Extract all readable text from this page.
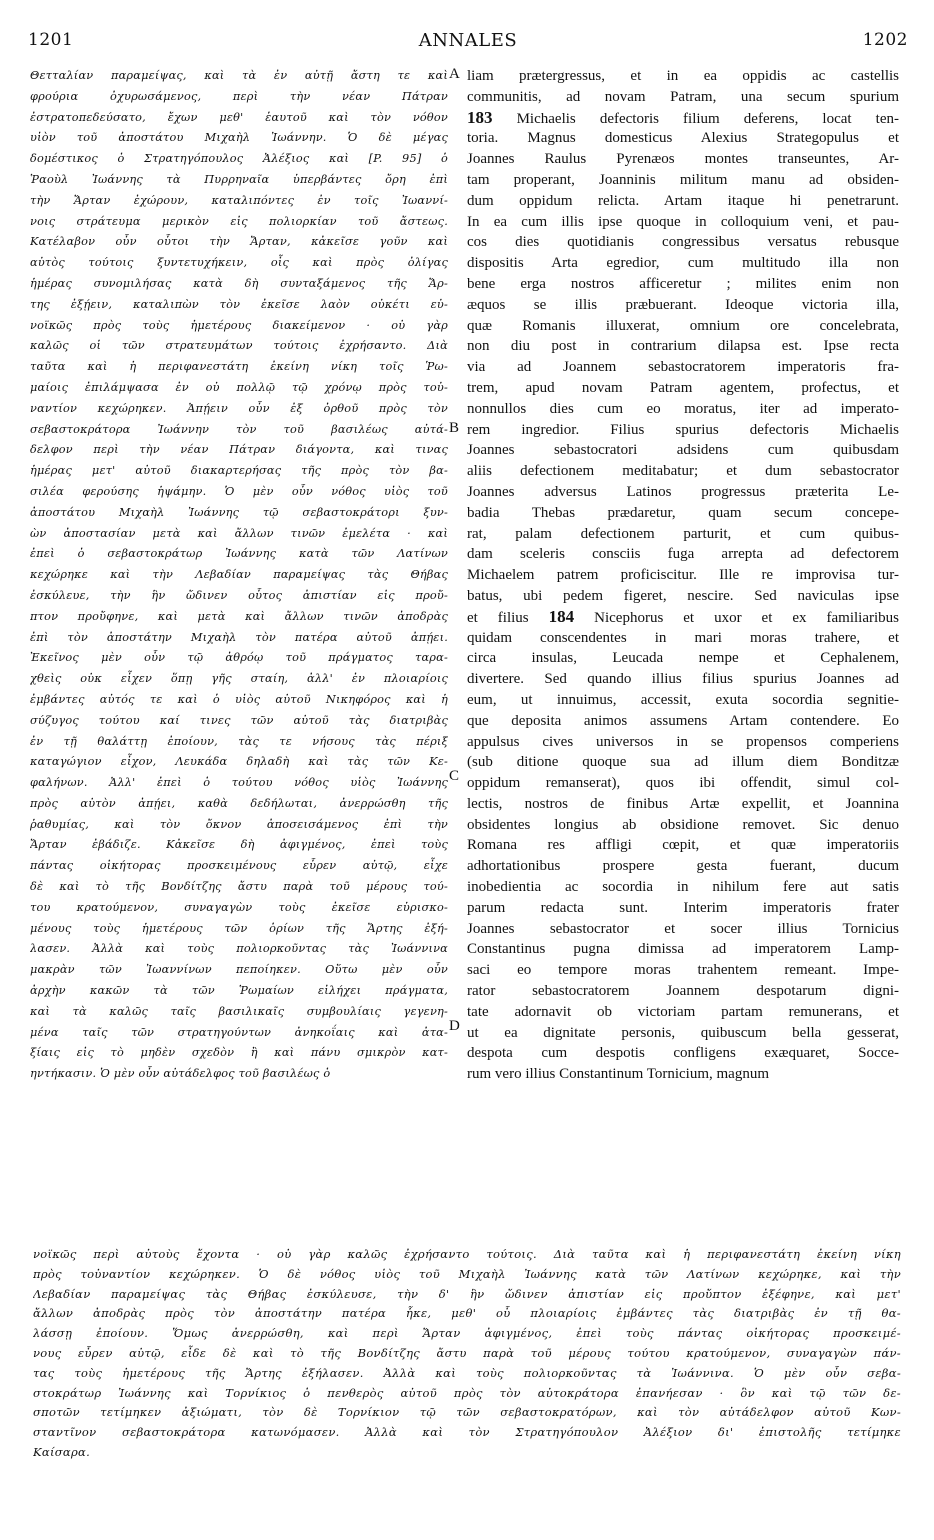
ANNALES
1201	1202
Θετταλίαν παραμείψας, καὶ τὰ ἐν αὐτῇ ἄστη τε καὶ
φρούρια ὀχυρωσάμενος, περὶ τὴν νέαν Πάτραν
ἐστρατοπεδεύσατο, ἔχων μεθ' ἑαυτοῦ καὶ τὸν νόθον
υἱὸν τοῦ ἀποστάτου Μιχαὴλ Ἰωάννην. Ὁ δὲ μέγας
δομέστικος ὁ Στρατηγόπουλος Ἀλέξιος καὶ [P. 95] ὁ
Ῥαοὺλ Ἰωάννης τὰ Πυρρηναῖα ὑπερβάντες ὄρη ἐπὶ
τὴν Ἄρταν ἐχώρουν, καταλιπόντες ἐν τοῖς Ἰωαννί-
νοις στράτευμα μερικὸν εἰς πολιορκίαν τοῦ ἄστεως.
Κατέλαβον οὖν οὗτοι τὴν Ἄρταν, κἀκεῖσε γοῦν καὶ
αὐτὸς τούτοις ξυντετυχήκειν, οἷς καὶ πρὸς ὀλίγας
ἡμέρας συνομιλήσας κατὰ δὴ συνταξάμενος τῆς Ἄρ-
της ἐξῄειν, καταλιπὼν τὸν ἐκεῖσε λαὸν οὐκέτι εὐ-
νοϊκῶς πρὸς τοὺς ἡμετέρους διακείμενον · οὐ γὰρ
καλῶς οἱ τῶν στρατευμάτων τούτοις ἐχρήσαντο. Διὰ
ταῦτα καὶ ἡ περιφανεστάτη ἐκείνη νίκη τοῖς Ῥω-
μαίοις ἐπιλάμψασα ἐν οὐ πολλῷ τῷ χρόνῳ πρὸς τοὐ-
ναντίον κεχώρηκεν. Ἀπῄειν οὖν ἐξ ὀρθοῦ πρὸς τὸν
σεβαστοκράτορα Ἰωάννην τὸν τοῦ βασιλέως αὐτά-
δελφον περὶ τὴν νέαν Πάτραν διάγοντα, καὶ τινας
ἡμέρας μετ' αὐτοῦ διακαρτερήσας τῆς πρὸς τὸν βα-
σιλέα φερούσης ἡψάμην. Ὁ μὲν οὖν νόθος υἱὸς τοῦ
ἀποστάτου Μιχαὴλ Ἰωάννης τῷ σεβαστοκράτορι ξυν-
ὼν ἀποστασίαν μετὰ καὶ ἄλλων τινῶν ἐμελέτα · καὶ
ἐπεὶ ὁ σεβαστοκράτωρ Ἰωάννης κατὰ τῶν Λατίνων
κεχώρηκε καὶ τὴν Λεβαδίαν παραμείψας τὰς Θήβας
ἐσκύλευε, τὴν ἣν ὤδινεν οὗτος ἀπιστίαν εἰς προὔ-
πτον προὔφηνε, καὶ μετὰ καὶ ἄλλων τινῶν ἀποδρὰς
ἐπὶ τὸν ἀποστάτην Μιχαὴλ τὸν πατέρα αὐτοῦ ἀπῄει.
Ἐκεῖνος μὲν οὖν τῷ ἀθρόῳ τοῦ πράγματος ταρα-
χθεὶς οὐκ εἶχεν ὅπῃ γῆς σταίη, ἀλλ' ἐν πλοιαρίοις
ἐμβάντες αὐτός τε καὶ ὁ υἱὸς αὐτοῦ Νικηφόρος καὶ ἡ
σύζυγος τούτου καί τινες τῶν αὐτοῦ τὰς διατριβὰς
ἐν τῇ θαλάττῃ ἐποίουν, τὰς τε νήσους τὰς πέριξ
καταγώγιον εἶχον, Λευκάδα δηλαδὴ καὶ τὰς τῶν Κε-
φαλήνων. Ἀλλ' ἐπεὶ ὁ τούτου νόθος υἱὸς Ἰωάννης
πρὸς αὐτὸν ἀπῄει, καθὰ δεδήλωται, ἀνερρώσθη τῆς
ῥαθυμίας, καὶ τὸν ὄκνον ἀποσεισάμενος ἐπὶ τὴν
Ἄρταν ἐβάδιζε. Κἀκεῖσε δὴ ἀφιγμένος, ἐπεὶ τοὺς
πάντας οἰκήτορας προσκειμένους εὗρεν αὐτῷ, εἶχε
δὲ καὶ τὸ τῆς Βονδίτζης ἄστυ παρὰ τοῦ μέρους τού-
του κρατούμενον, συναγαγὼν τοὺς ἐκεῖσε εὑρισκο-
μένους τοὺς ἡμετέρους τῶν ὁρίων τῆς Ἄρτης ἐξή-
λασεν. Ἀλλὰ καὶ τοὺς πολιορκοῦντας τὰς Ἰωάννινα
μακρὰν τῶν Ἰωαννίνων πεποίηκεν. Οὕτω μὲν οὖν
ἀρχὴν κακῶν τὰ τῶν Ῥωμαίων εἰλήχει πράγματα,
καὶ τὰ καλῶς ταῖς βασιλικαῖς συμβουλίαις γεγενη-
μένα ταῖς τῶν στρατηγούντων ἀνηκοΐαις καὶ ἀτα-
ξίαις εἰς τὸ μηδὲν σχεδὸν ἢ καὶ πάνυ σμικρὸν κατ-
ηντήκασιν. Ὁ μὲν οὖν αὐτάδελφος τοῦ βασιλέως ὁ
liam prætergressus, et in ea oppidis ac castellis
communitis, ad novam Patram, una secum spurium
183 Michaelis defectoris filium deferens, locat ten-
toria. Magnus domesticus Alexius Strategopulus et
Joannes Raulus Pyrenæos montes transeuntes, Ar-
tam properant, Joanninis militum manu ad obsiden-
dum oppidum relicta. Artam itaque hi penetrarunt.
In ea cum illis ipse quoque in colloquium veni, et pau-
cos dies quotidianis congressibus versatus rebusque
dispositis Arta egredior, cum multitudo illa non
bene erga nostros afficeretur ; milites enim non
æquos se illis præbuerant. Ideoque victoria illa,
quæ Romanis illuxerat, omnium ore concelebrata,
non diu post in contrarium dilapsa est. Ipse recta
via ad Joannem sebastocratorem imperatoris fra-
trem, apud novam Patram agentem, profectus, et
nonnullos dies cum eo moratus, iter ad imperato-
rem ingredior. Filius spurius defectoris Michaelis
Joannes sebastocratori adsidens cum quibusdam
aliis defectionem meditabatur; et dum sebastocrator
Joannes adversus Latinos progressus præterita Le-
badia Thebas prædaretur, quam secum concepe-
rat, palam defectionem parturit, et cum quibus-
dam sceleris consciis fuga arrepta ad defectorem
Michaelem patrem proficiscitur. Ille re improvisa tur-
batus, ubi pedem figeret, nescire. Sed naviculas ipse
et filius 184 Nicephorus et uxor et ex familiaribus
quidam conscendentes in mari moras trahere, et
circa insulas, Leucada nempe et Cephalenem,
divertere. Sed quando illius filius spurius Joannes ad
eum, ut innuimus, accessit, exuta socordia segnitie-
que deposita animos assumens Artam contendere. Eo
appulsus cives universos in se propensos comperiens
(sub ditione quoque sua ad illum diem Bonditzæ
oppidum remanserat), quos ibi offendit, simul col-
lectis, nostros de finibus Artæ expellit, et Joannina
obsidentes longius ab obsidione removet. Sic denuo
Romana res affligi cœpit, et quæ imperatoriis
adhortationibus prospere gesta fuerant, ducum
inobedientia ac socordia in nihilum fere aut satis
parum redacta sunt. Interim imperatoris frater
Joannes sebastocrator et socer illius Tornicius
Constantinus pugna dimissa ad imperatorem Lamp-
saci eo tempore moras trahentem remeant. Impe-
rator sebastocratorem Joannem despotarum digni-
tate adornavit ob victoriam partam remunerans, et
ut ea dignitate personis, quibuscum bella gesserat,
despota cum despotis confligens exæquaret, Socce-
rum vero illius Constantinum Tornicium, magnum
A
B
C
D
νοϊκῶς περὶ αὐτοὺς ἔχοντα · οὐ γὰρ καλῶς ἐχρήσαντο τούτοις. Διὰ ταῦτα καὶ ἡ περιφανεστάτη ἐκείνη νίκη
πρὸς τοὐναντίον κεχώρηκεν. Ὁ δὲ νόθος υἱὸς τοῦ Μιχαὴλ Ἰωάννης κατὰ τῶν Λατίνων κεχώρηκε, καὶ τὴν
Λεβαδίαν παραμείψας τὰς Θήβας ἐσκύλευσε, τὴν δ' ἣν ὤδινεν ἀπιστίαν εἰς προὔπτον ἐξέφηνε, καὶ μετ'
ἄλλων ἀποδρὰς πρὸς τὸν ἀποστάτην πατέρα ἧκε, μεθ' οὗ πλοιαρίοις ἐμβάντες τὰς διατριβὰς ἐν τῇ θα-
λάσσῃ ἐποίουν. Ὅμως ἀνερρώσθη, καὶ περὶ Ἄρταν ἀφιγμένος, ἐπεὶ τοὺς πάντας οἰκήτορας προσκειμέ-
νους εὗρεν αὐτῷ, εἶδε δὲ καὶ τὸ τῆς Βονδίτζης ἄστυ παρὰ τοῦ μέρους τούτου κρατούμενον, συναγαγὼν πάν-
τας τοὺς ἡμετέρους τῆς Ἄρτης ἐξήλασεν. Ἀλλὰ καὶ τοὺς πολιορκοῦντας τὰ Ἰωάννινα. Ὁ μὲν οὖν σεβα-
στοκράτωρ Ἰωάννης καὶ Τορνίκιος ὁ πενθερὸς αὐτοῦ πρὸς τὸν αὐτοκράτορα ἐπανήεσαν · ὃν καὶ τῷ τῶν δε-
σποτῶν τετίμηκεν ἀξιώματι, τὸν δὲ Τορνίκιον τῷ τῶν σεβαστοκρατόρων, καὶ τὸν αὐτάδελφον αὐτοῦ Κων-
σταντῖνον σεβαστοκράτορα κατωνόμασεν. Ἀλλὰ καὶ τὸν Στρατηγόπουλον Ἀλέξιον δι' ἐπιστολῆς τετίμηκε
Καίσαρα.
